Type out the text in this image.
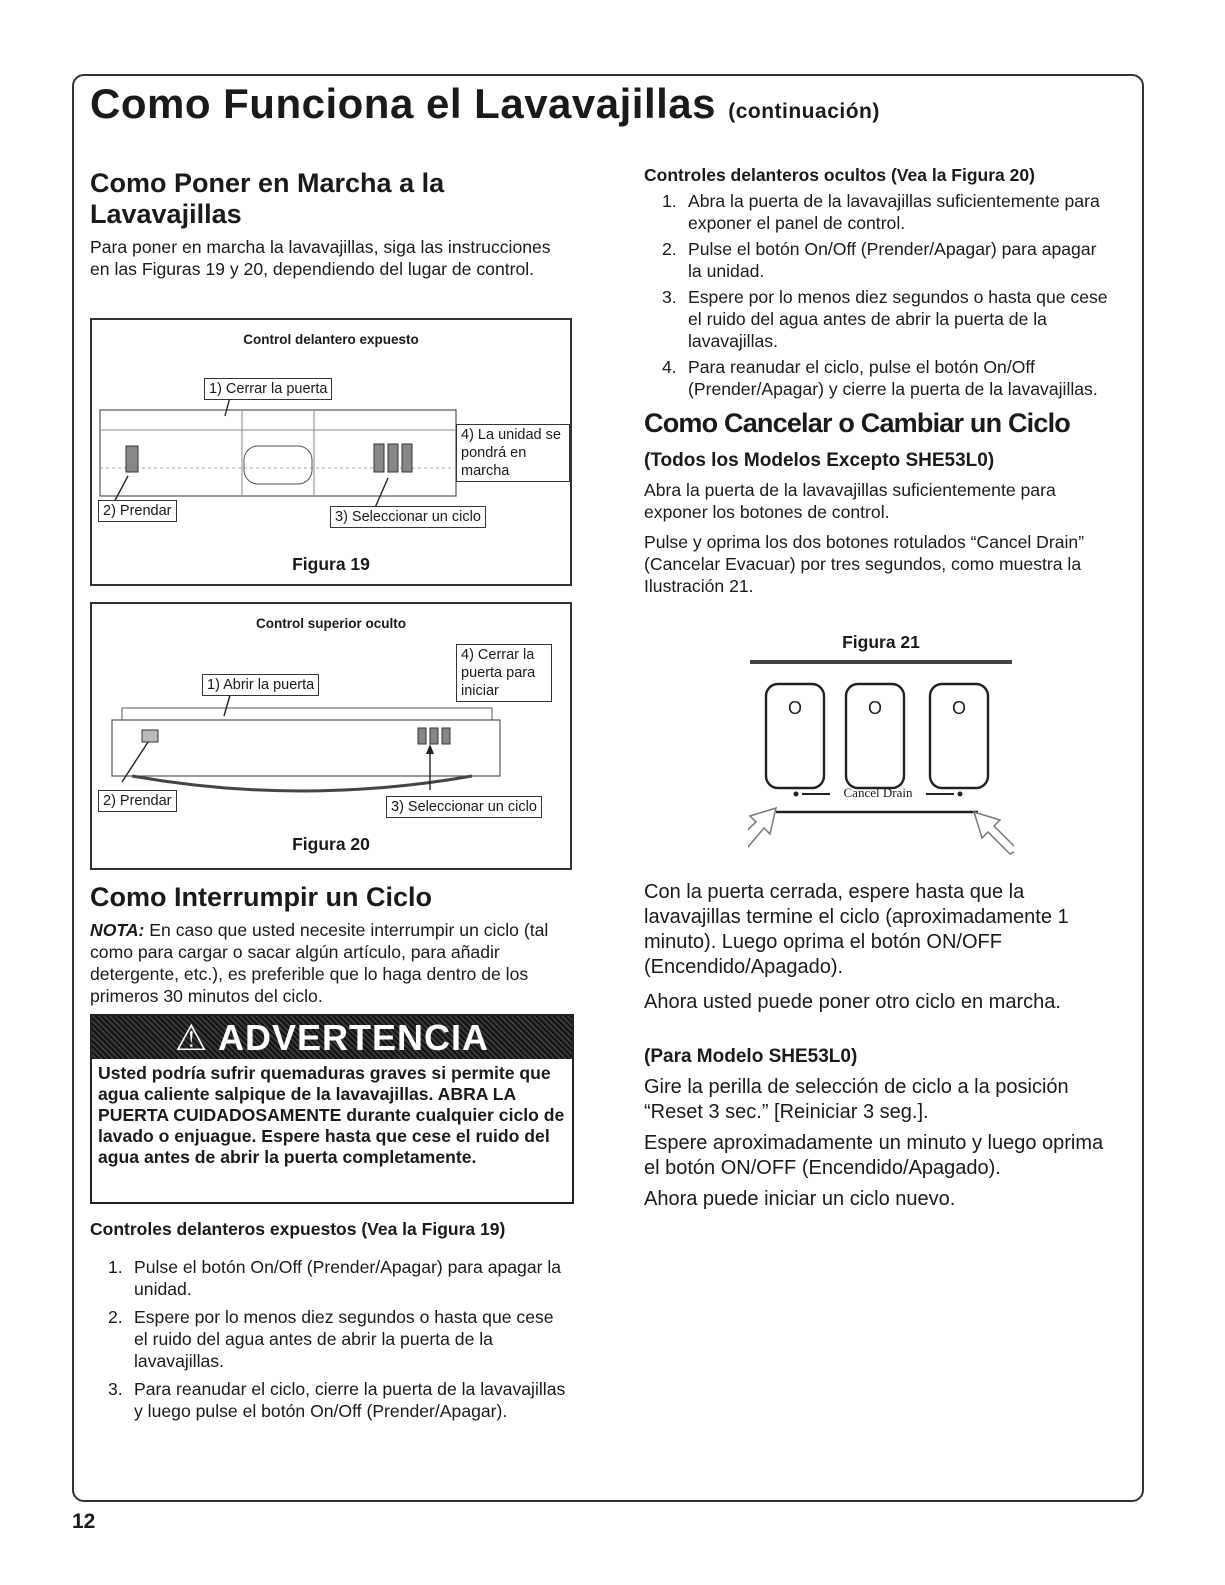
Como Funciona el Lavavajillas (continuación)
Como Poner en Marcha a la Lavavajillas

Para poner en marcha la lavavajillas, siga las instrucciones en las Figuras 19 y 20, dependiendo del lugar de control.

Control delantero expuesto
1) Cerrar la puerta
2) Prendar	3) Seleccionar un ciclo
4) La unidad se pondrá en marcha
Figura 19
Control superior oculto
1) Abrir la puerta
2) Prendar	3) Seleccionar un ciclo
4) Cerrar la puerta para iniciar
Figura 20
Como Interrumpir un Ciclo

NOTA: En caso que usted necesite interrumpir un ciclo (tal como para cargar o sacar algún artículo, para añadir detergente, etc.), es preferible que lo haga dentro de los primeros 30 minutos del ciclo.

⚠ ADVERTENCIA
Usted podría sufrir quemaduras graves si permite que agua caliente salpique de la lavavajillas. ABRA LA PUERTA CUIDADOSAMENTE durante cualquier ciclo de lavado o enjuague. Espere hasta que cese el ruido del agua antes de abrir la puerta completamente.

Controles delanteros expuestos (Vea la Figura 19)

1. Pulse el botón On/Off (Prender/Apagar) para apagar la unidad.
2. Espere por lo menos diez segundos o hasta que cese el ruido del agua antes de abrir la puerta de la lavavajillas.
3. Para reanudar el ciclo, cierre la puerta de la lavavajillas y luego pulse el botón On/Off (Prender/Apagar).

Controles delanteros ocultos (Vea la Figura 20)

1. Abra la puerta de la lavavajillas suficientemente para exponer el panel de control.
2. Pulse el botón On/Off (Prender/Apagar) para apagar la unidad.
3. Espere por lo menos diez segundos o hasta que cese el ruido del agua antes de abrir la puerta de la lavavajillas.
4. Para reanudar el ciclo, pulse el botón On/Off (Prender/Apagar) y cierre la puerta de la lavavajillas.
Como Cancelar o Cambiar un Ciclo

(Todos los Modelos Excepto SHE53L0)

Abra la puerta de la lavavajillas suficientemente para exponer los botones de control.

Pulse y oprima los dos botones rotulados “Cancel Drain” (Cancelar Evacuar) por tres segundos, como muestra la Ilustración 21.

Figura 21
O	O	O
Cancel Drain

Con la puerta cerrada, espere hasta que la lavavajillas termine el ciclo (aproximadamente 1 minuto). Luego oprima el botón ON/OFF (Encendido/Apagado).

Ahora usted puede poner otro ciclo en marcha.

(Para Modelo SHE53L0)

Gire la perilla de selección de ciclo a la posición “Reset 3 sec.” [Reiniciar 3 seg.].

Espere aproximadamente un minuto y luego oprima el botón ON/OFF (Encendido/Apagado).

Ahora puede iniciar un ciclo nuevo.

12
